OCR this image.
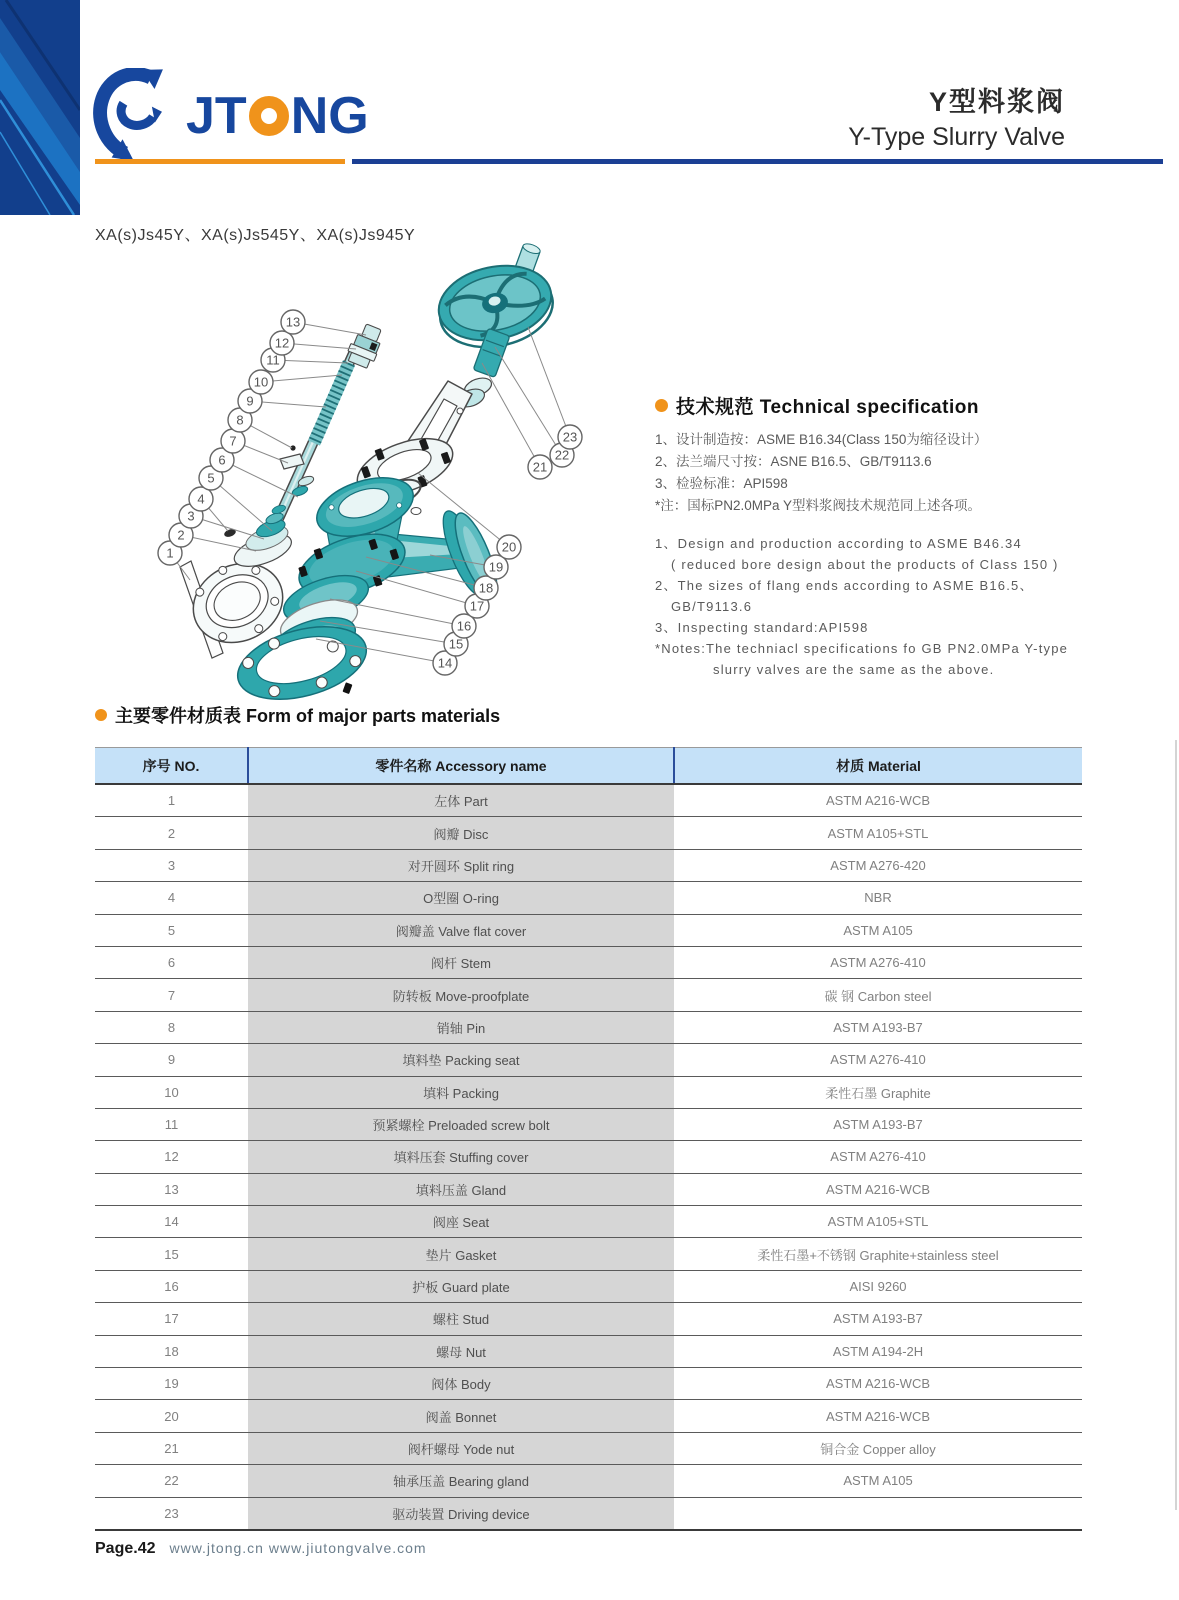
JT NG	Y型料浆阀
Y-Type Slurry Valve
XA(s)Js45Y、XA(s)Js545Y、XA(s)Js945Y
1
2
3
4
5
6
7
8
9
10
11
12
13
14
15
16
17
18
19
20
21
22
23
技术规范 Technical specification
1、设计制造按：ASME B16.34(Class 150为缩径设计）
2、法兰端尺寸按：ASNE B16.5、GB/T9113.6
3、检验标准：API598
*注：国标PN2.0MPa Y型料浆阀技术规范同上述各项。
1、Design and production according to ASME B46.34
( reduced bore design about the products of Class 150 )
2、The sizes of flang ends according to ASME B16.5、
GB/T9113.6
3、Inspecting standard:API598
*Notes:The techniacl specifications fo GB PN2.0MPa Y-type
slurry valves are the same as the above.
主要零件材质表 Form of major parts materials
序号 NO.	零件名称 Accessory name	材质 Material
1	左体 Part	ASTM A216-WCB
2	阀瓣 Disc	ASTM A105+STL
3	对开圆环 Split ring	ASTM A276-420
4	O型圈 O-ring	NBR
5	阀瓣盖 Valve flat cover	ASTM A105
6	阀杆 Stem	ASTM A276-410
7	防转板 Move-proofplate	碳 钢 Carbon steel
8	销轴 Pin	ASTM A193-B7
9	填料垫 Packing seat	ASTM A276-410
10	填料 Packing	柔性石墨 Graphite
11	预紧螺栓 Preloaded screw bolt	ASTM A193-B7
12	填料压套 Stuffing cover	ASTM A276-410
13	填料压盖 Gland	ASTM A216-WCB
14	阀座 Seat	ASTM A105+STL
15	垫片 Gasket	柔性石墨+不锈钢 Graphite+stainless steel
16	护板 Guard plate	AISI 9260
17	螺柱 Stud	ASTM A193-B7
18	螺母 Nut	ASTM A194-2H
19	阀体 Body	ASTM A216-WCB
20	阀盖 Bonnet	ASTM A216-WCB
21	阀杆螺母 Yode nut	铜合金 Copper alloy
22	轴承压盖 Bearing gland	ASTM A105
23	驱动装置 Driving device	
Page.42 www.jtong.cn www.jiutongvalve.com
